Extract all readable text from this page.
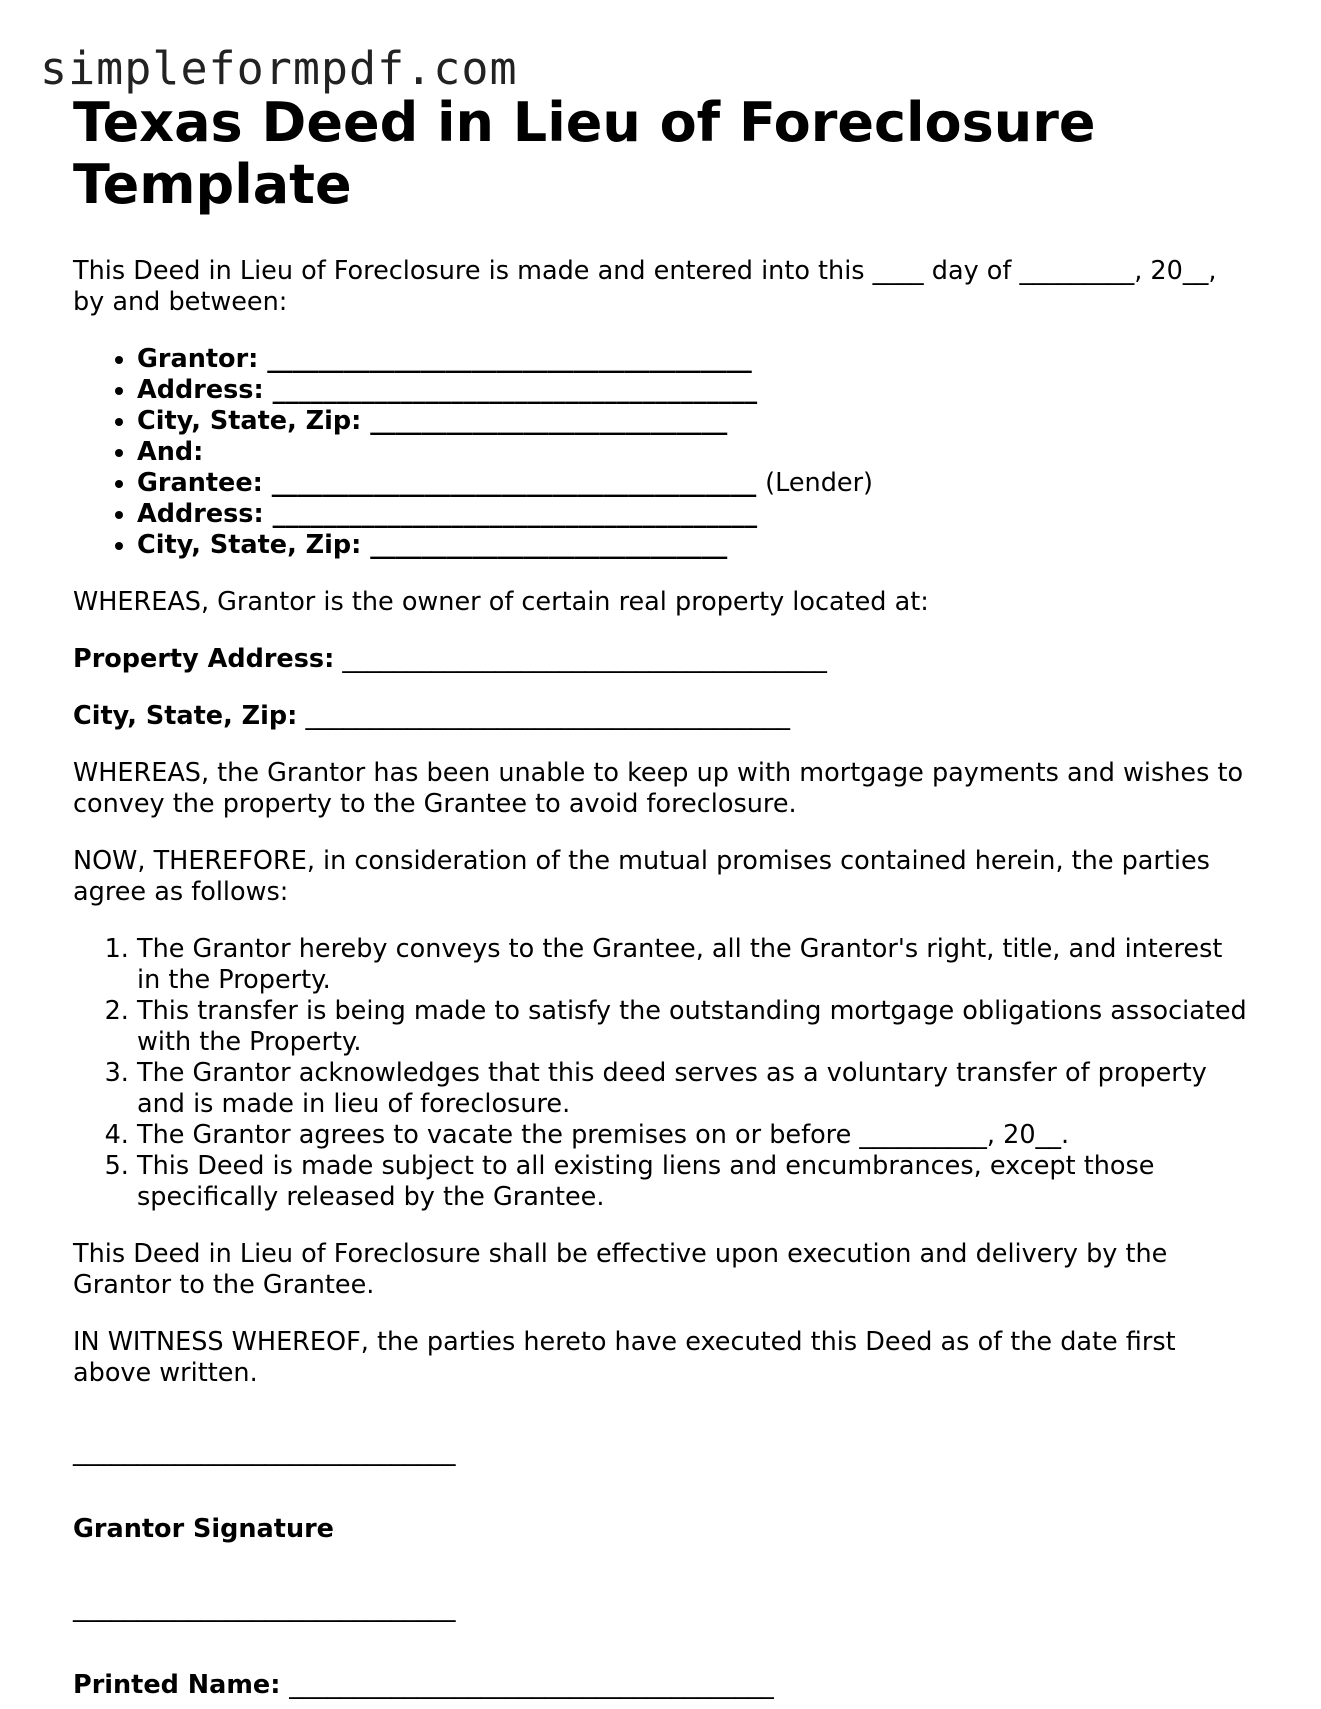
simpleformpdf.com
Texas Deed in Lieu of Foreclosure Template

This Deed in Lieu of Foreclosure is made and entered into this ____ day of _________, 20__, by and between:

• Grantor: ______________________________________
• Address: ______________________________________
• City, State, Zip: ____________________________
• And:
• Grantee: ______________________________________ (Lender)
• Address: ______________________________________
• City, State, Zip: ____________________________

WHEREAS, Grantor is the owner of certain real property located at:

Property Address: ______________________________________

City, State, Zip: ______________________________________

WHEREAS, the Grantor has been unable to keep up with mortgage payments and wishes to convey the property to the Grantee to avoid foreclosure.

NOW, THEREFORE, in consideration of the mutual promises contained herein, the parties agree as follows:

1. The Grantor hereby conveys to the Grantee, all the Grantor's right, title, and interest in the Property.
2. This transfer is being made to satisfy the outstanding mortgage obligations associated with the Property.
3. The Grantor acknowledges that this deed serves as a voluntary transfer of property and is made in lieu of foreclosure.
4. The Grantor agrees to vacate the premises on or before __________, 20__.
5. This Deed is made subject to all existing liens and encumbrances, except those specifically released by the Grantee.

This Deed in Lieu of Foreclosure shall be effective upon execution and delivery by the Grantor to the Grantee.

IN WITNESS WHEREOF, the parties hereto have executed this Deed as of the date first above written.

______________________________

Grantor Signature

______________________________

Printed Name: ______________________________________
